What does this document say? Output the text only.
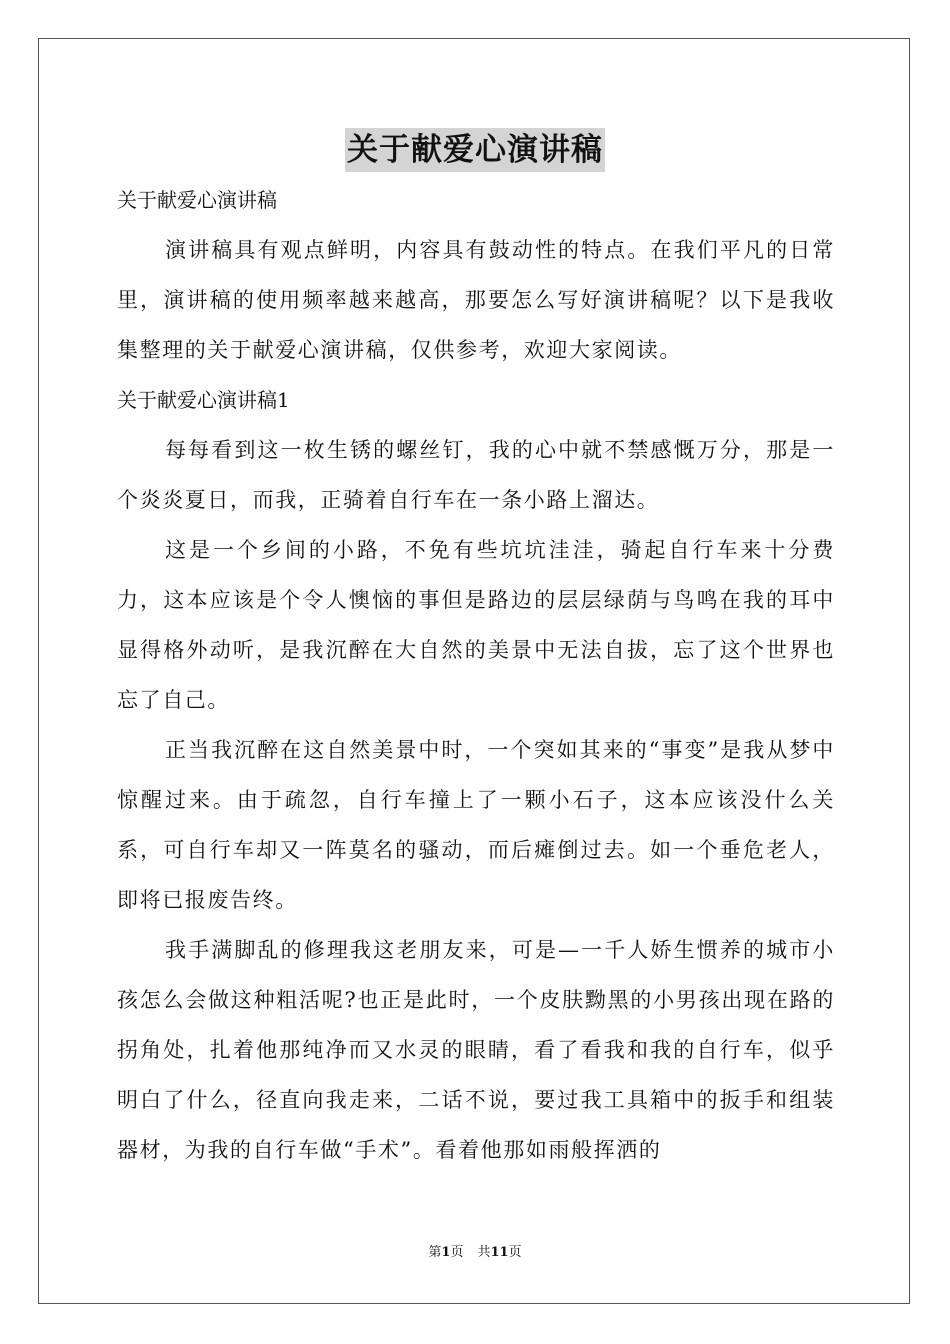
关于献爱心演讲稿

关于献爱心演讲稿

演讲稿具有观点鲜明，内容具有鼓动性的特点。在我们平凡的日常里，演讲稿的使用频率越来越高，那要怎么写好演讲稿呢？以下是我收集整理的关于献爱心演讲稿，仅供参考，欢迎大家阅读。

关于献爱心演讲稿1

每每看到这一枚生锈的螺丝钉，我的心中就不禁感慨万分，那是一个炎炎夏日，而我，正骑着自行车在一条小路上溜达。

这是一个乡间的小路，不免有些坑坑洼洼，骑起自行车来十分费力，这本应该是个令人懊恼的事但是路边的层层绿荫与鸟鸣在我的耳中显得格外动听，是我沉醉在大自然的美景中无法自拔，忘了这个世界也忘了自己。

正当我沉醉在这自然美景中时，一个突如其来的“事变”是我从梦中惊醒过来。由于疏忽，自行车撞上了一颗小石子，这本应该没什么关系，可自行车却又一阵莫名的骚动，而后瘫倒过去。如一个垂危老人，即将已报废告终。

我手满脚乱的修理我这老朋友来，可是—一千人娇生惯养的城市小孩怎么会做这种粗活呢?也正是此时，一个皮肤黝黑的小男孩出现在路的拐角处，扎着他那纯净而又水灵的眼睛，看了看我和我的自行车，似乎明白了什么，径直向我走来，二话不说，要过我工具箱中的扳手和组装器材，为我的自行车做“手术”。看着他那如雨般挥洒的

第1页 共11页
